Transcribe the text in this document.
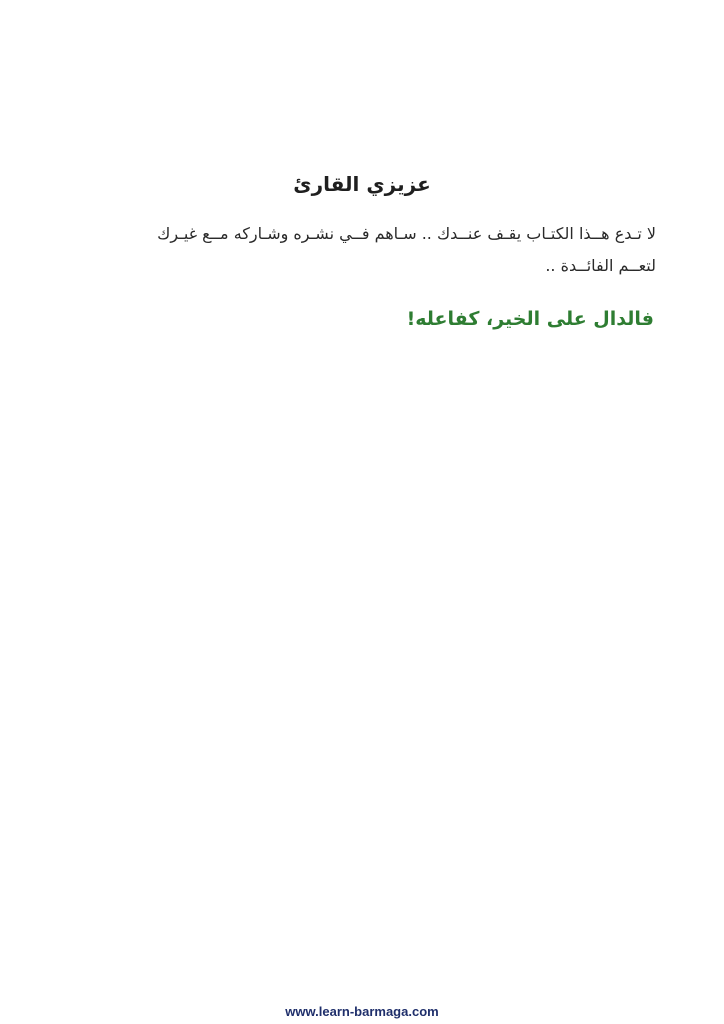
عزيزي القارئ

لا تـدع هــذا الكتـاب يقـف عنــدك .. سـاهم فــي نشـره وشـاركه مــع غيـرك
لتعــم الفائــدة ..

فالدال على الخير، كفاعله!

www.learn-barmaga.com
